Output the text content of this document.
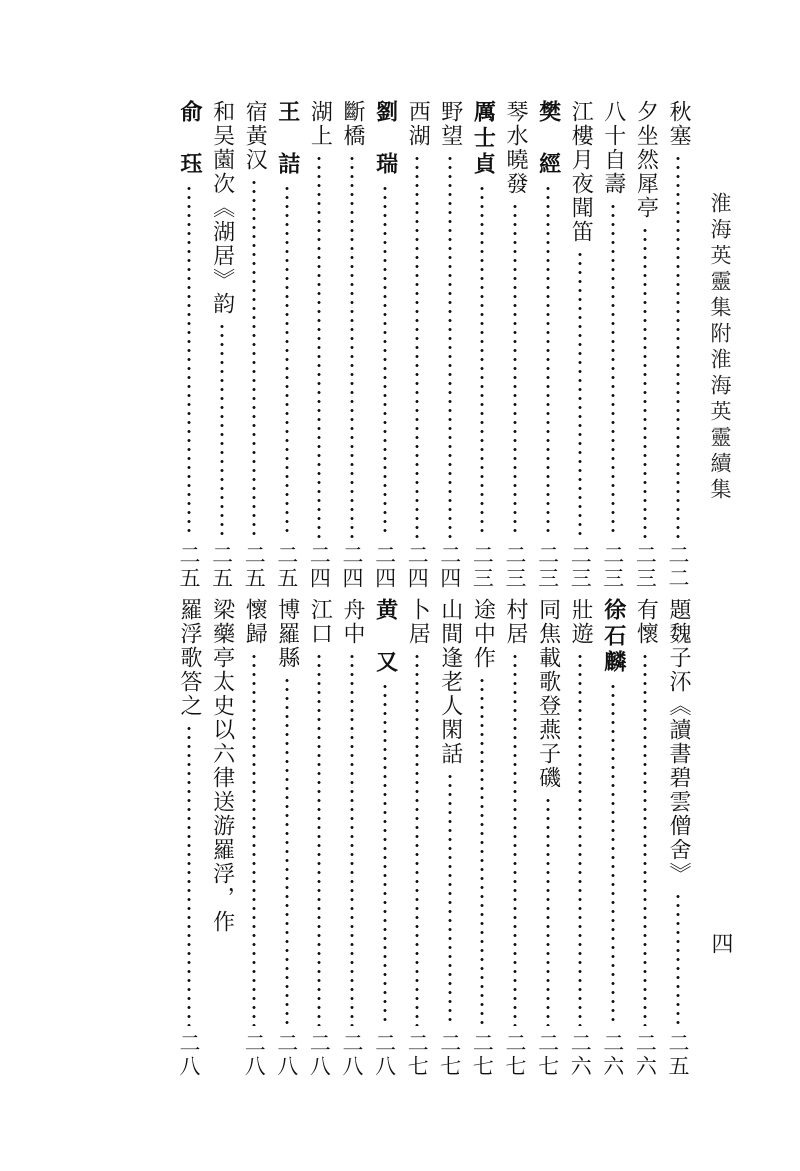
淮海英靈集附淮海英靈續集
四
秋塞
二二
夕坐然犀亭
二三
八十自壽
二三
江樓月夜聞笛
二三
樊　經
二三
琴水曉發
二三
厲士貞
二三
野望
二四
西湖
二四
劉　瑞
二四
斷橋
二四
湖上
二四
王　詰
二五
宿黃汉
二五
和吴薗次《湖居》韵
二五
俞　珏
二五
題魏子㳅《讀書碧雲僧舍》
二五
有懷
二六
徐石麟
二六
壯遊
二六
同焦載歌登燕子磯
二七
村居
二七
途中作
二七
山間逢老人閑話
二七
卜居
二七
黄　又
二八
舟中
二八
江口
二八
博羅縣
二八
懷歸
二八
梁藥亭太史以六律送游羅浮，作
羅浮歌答之
二八
